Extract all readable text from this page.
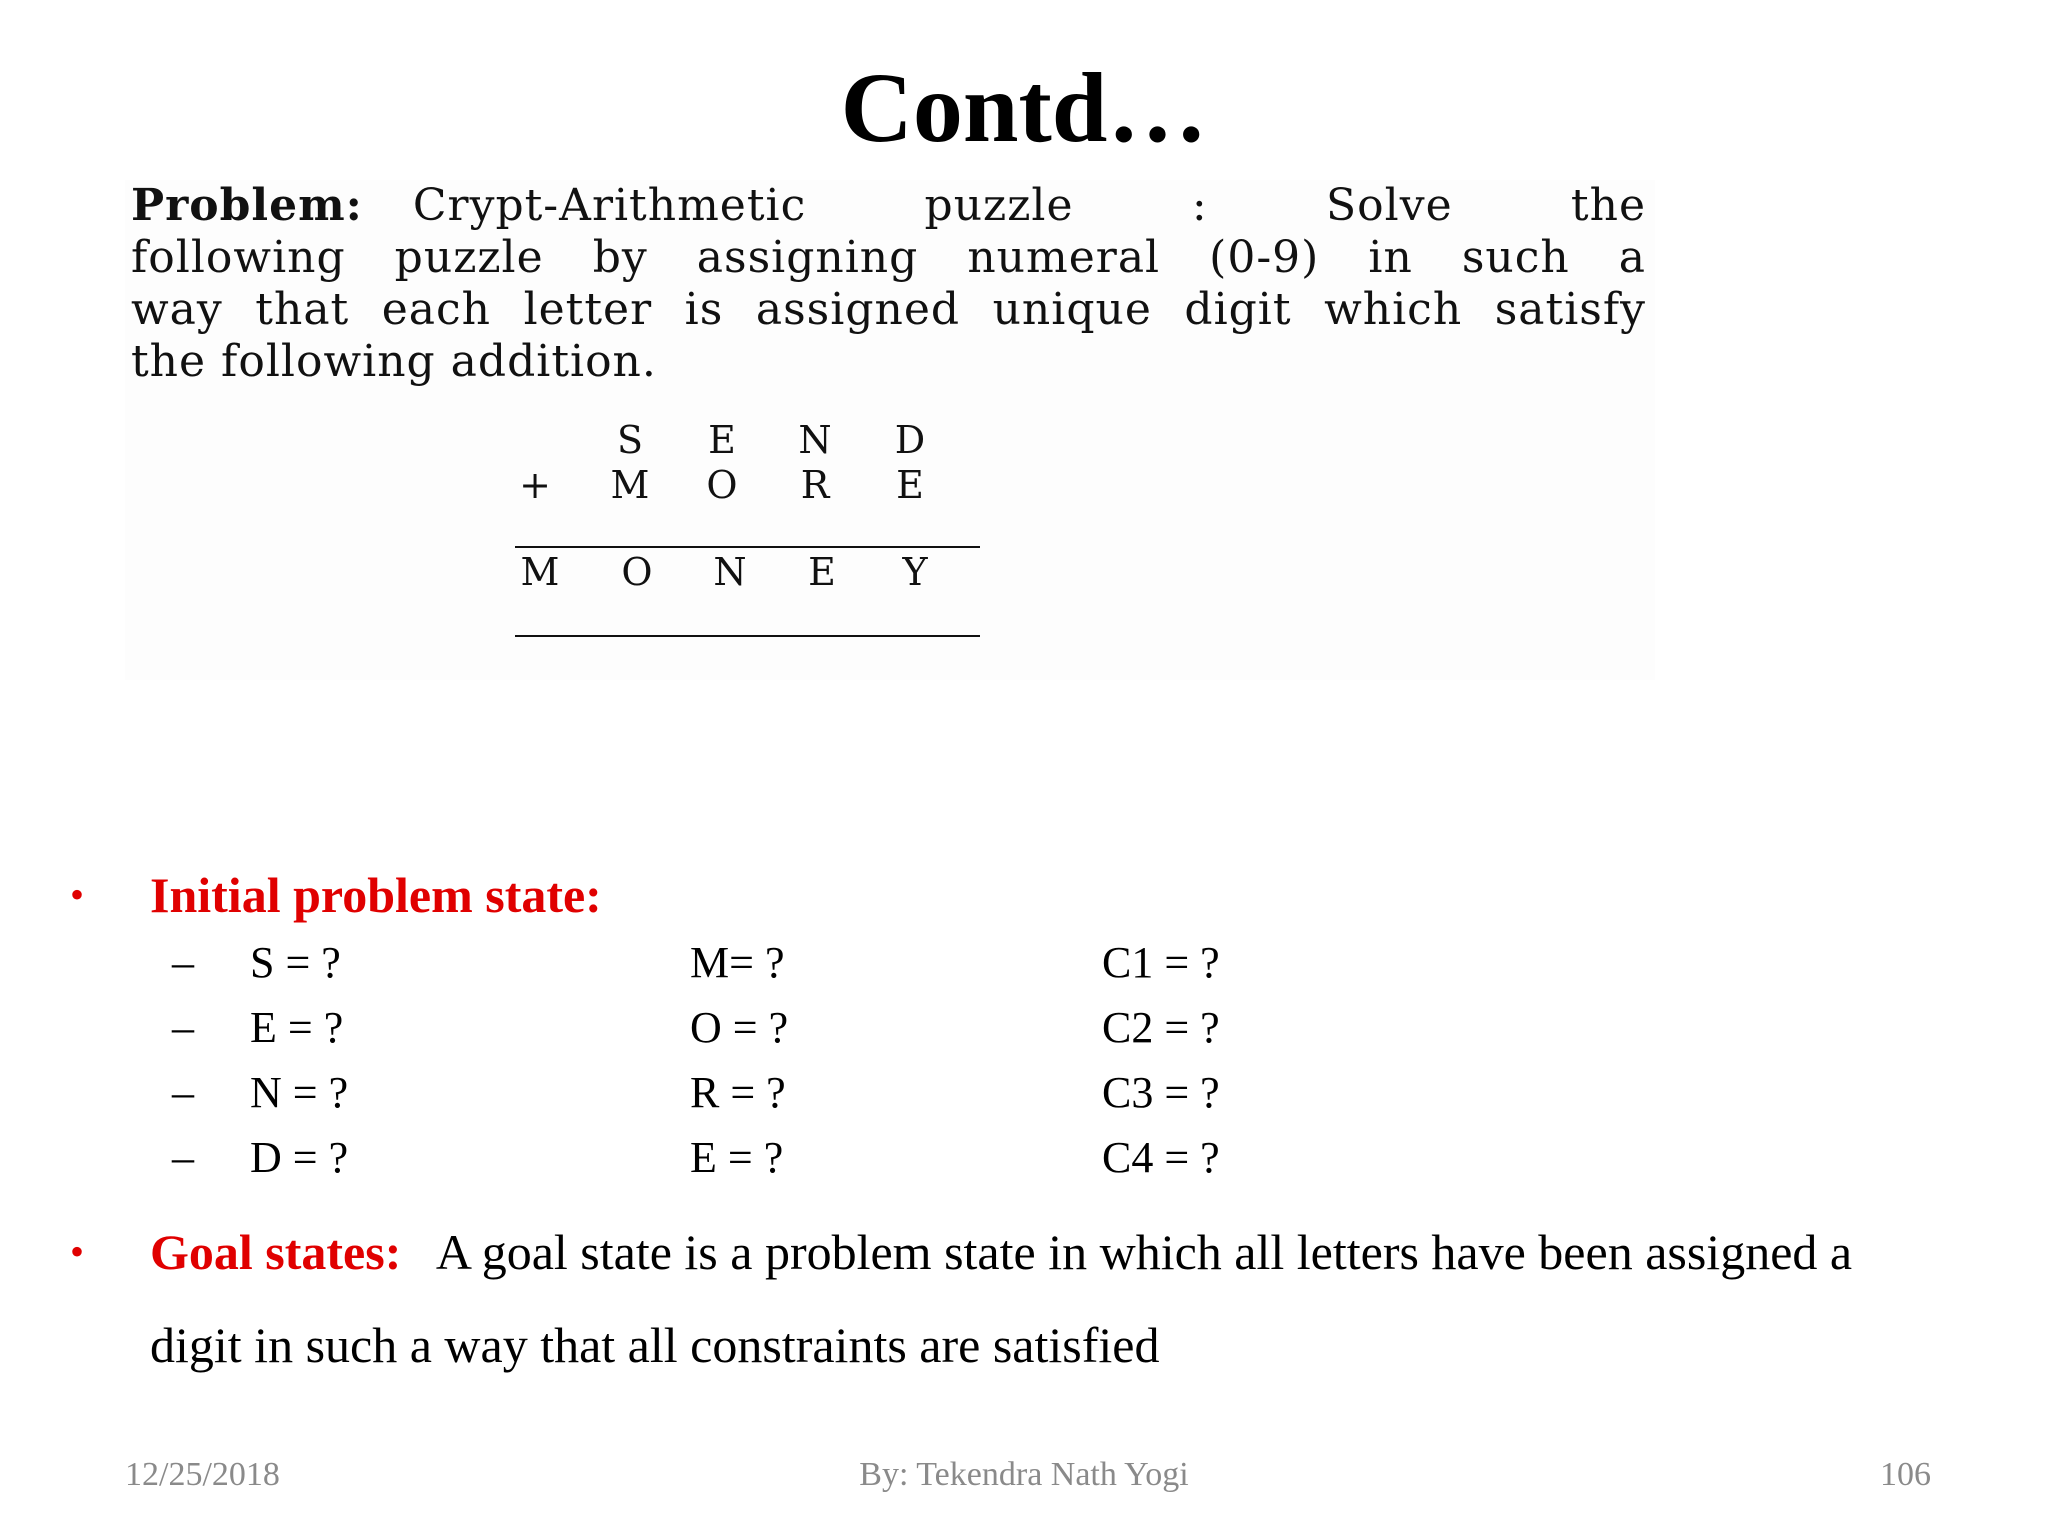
Contd…
Problem: Crypt-Arithmetic puzzle : Solve the
following puzzle by assigning numeral (0-9) in such a
way that each letter is assigned unique digit which satisfy
the following addition.
S	E N D
+ M O R E
M O N E	Y
• Initial problem state:
– S = ?	M= ?	C1 = ?
– E = ?	O = ?	C2 = ?
– N = ?	R = ?	C3 = ?
– D = ?	E = ?	C4 = ?
• Goal states: A goal state is a problem state in which all letters have been assigned a
digit in such a way that all constraints are satisfied
12/25/2018	By: Tekendra Nath Yogi	106
